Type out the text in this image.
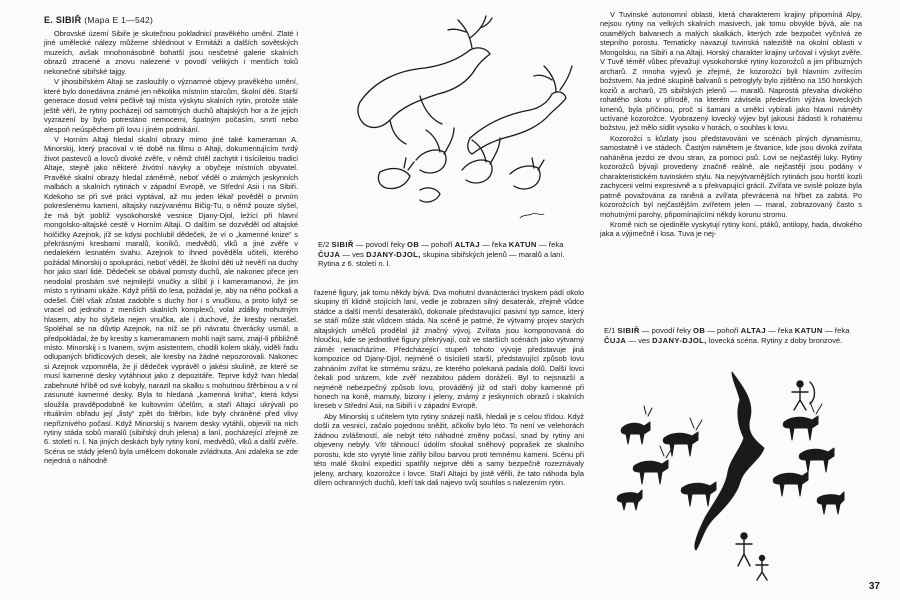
E. SIBIŘ (Mapa E 1—542)

Obrovské území Sibiře je skutečnou pokladnicí pravěkého umění. Zlaté i jiné umělecké nálezy můžeme shlédnout v Ermitáži a dalších sovětských muzeích, avšak mnohonásobně bohatší jsou nesčetné galerie skalních obrazů ztracené a znovu nalezené v povodí velikých i menších toků nekonečné sibiřské tajgy.

V jihosibiřském Altaji se zasloužily o významné objevy pravěkého umění, které bylo donedávna známé jen několika místním starcům, školní děti. Starší generace dosud velmi pečlivě taji místa výskytu skalních rytin, protože stále ještě věří, že rytiny pocházejí od samotných duchů altajských hor a že jejich vyzrazení by bylo potrestáno nemocemi, špatným počasím, smrtí nebo alespoň neúspěchem při lovu i jiném podnikání.

V Horním Altaji hledal skalní obrazy mimo jiné také kameraman A. Minorskij, který pracoval v té době na filmu o Altaji, dokumentujícím tvrdý život pastevců a lovců divoké zvěře, v němž chtěl zachytit i tisíciletou tradici Altaje, stejně jako některé živótní návyky a obyčeje místních obyvatel. Pravěké skalní obrazy hledal záměrně, neboť věděl o známých jeskynních malbách a skalních rytinách v západní Evropě, ve Střední Asii i na Sibiři. Kdekoho se při své práci vyptával, až mu jeden lékař pověděl o prvním pokreslenému kameni, altajsky nazývanému Bičig-Tu, o němž pouze slyšel, že má být poblíž vysokohorské vesnice Djany-Djol, ležící při hlavní mongolsko-altajské cestě v Horním Altaji. O dalším se dozvěděl od altajské holčičky Azejnok, jíž se kdysi pochlubil dědeček, že ví o „kamenné knize“ s překrásnými kresbami maralů, koníků, medvědů, vlků a jiné zvěře v nedalekém lesnatém svahu. Azejnok to ihned pověděla učiteli, kterého požádal Minorskij o spolupráci, neboť věděl, že školní děti už nevěří na duchy hor jako starí lidé. Dědeček se obával pomsty duchů, ale nakonec přece jen neodolal prosbám své nejmilejší vnučky a slíbil ji i kameramanovi, že jim místo s rytinami ukáže. Když přišli do lesa, požádal je, aby na něho počkali a odešel. Čtěl však zůstat zadobře s duchy hor i s vnučkou, a proto když se vracel od jednoho z menších skalních komplexů, volal zdálky mohutným hlasem, aby ho slyšela nejen vnučka, ale i duchové, že kresby nenašel. Spoléhal se na důvtip Azejnok, na níž se při návratu čtverácky usmál, a předpokládal, že by kresby s kameramanem mohli najít sami, znají-li přibližně místo. Minorskij i s Ivanem, svým asistentem, chodili kolem skály, viděli řadu odlupaných břidlicových desek, ale kresby na žádné nepozorovali. Nakonec si Azejnok vzpomněla, že jí dědeček vyprávěl o jakési skulině, ze které se musí kamenné desky vytáhnout jako z depozitáře. Teprve když Ivan hledal zabehnuté hříbě od své kobyly, narazil na skalku s mohutnou štěrbinou a v ní zasunuté kamenné desky. Byla to hledaná „kamenná kniha“, která kdysi sloužila pravděpodobně ke kultovním účelům, a staří Altajci ukrývali po rituálním obřadu její „listy“ zpět do štěrbin, kde byly chráněné před vlivy nepříznivého počasí. Když Minorskij s Ivanem desky vytáhli, objevili na nich rytiny stáda sobů maralů (sibiřský druh jelena) a laní, pocházející zřejmě ze 6. století n. l. Na jiných deskách byly rytiny koní, medvědů, vlků a další zvěře. Scéna se stády jelenů byla umělcem dokonale zvládnuta. Ani zdaleka se zde nejedná o náhodně

E/2 SIBIŘ — povodí řeky OB — pohoří ALTAJ — řeka KATUN — řeka ČUJA — ves DJANY-DJOL, skupina sibiřských jelenů — maralů a laní. Rytina z 6. století n. l.

řazené figury, jak tomu někdy bývá. Dva mohutní dvanácteráci tryskem pádí okolo skupiny tří klidně stojících laní, vedle je zobrazen silný desaterák, zřejmě vůdce stádce a další menší desateráků, dokonale představující pasivní typ samce, který se stáří může stát vůdcem stáda. Na scéně je patrné, že výtvarný projev starých altajských umělců prodělal již značný vývoj. Zvířata jsou komponovaná do hloučku, kde se jednotlivé figury překrývají, což ve starších scénách jako výtvarný záměr nenacházíme. Předcházející stupeň tohoto vývoje představuje jiná kompozice od Djany-Djol, nejméně o tisíciletí starší, představující způsob lovu zahnáním zvířat ke strmému srázu, ze kterého polekaná padala dolů. Další lovci čekali pod srázem, kde zvěř nezabitou pádem doráželi. Byl to nejsnazší a nejméně nebezpečný způsob lovu, prováděný již od staří doby kamenné při honech na koně, mamuty, bizony i jeleny, známý z jeskynních obrazů i skalních kreseb v Střední Asii, na Sibiři i v západní Evropě.

Aby Minorskij s učitelem tyto rytiny snázeji našli, hledali je s celou třídou. Když došli za vesnicí, začalo pojednou sněžit, ačkoliv bylo léto. To není ve velehorách žádnou zvláštností, ale nebýt této náhodné změny počasí, snad by rytiny ani objeveny nebyly. Vítr táhnoucí údolím sfoukal sněhový poprašek ze skalního porostu, kde sto vyryté linie zářily bílou barvou proti temnému kameni. Scénu při této malé školní expedici spatřily nejprve děti a samy bezpečně rozeznávaly jeleny, archary, kozorožce i lovce. Staří Altajci by jistě věřili, že tato náhoda byla dílem ochranných duchů, kteří tak dali najevo svůj souhlas s nalezením rytin.

V Tuvinské autonomní oblasti, která charakterem krajiny připomíná Alpy, nejsou rytiny na velkých skalních masivech, jak tomu obvykle bývá, ale na osamělých balvanech a malých skalkách, kterých zde bezpočet vyčnívá ze stepního porostu. Tematicky navazují tuvinská naleziště na okolní oblasti v Mongolsku, na Sibiři a na Altaji. Horský charakter krajiny určoval i výskyt zvěře. V Tuvě téměř vůbec převažují vysokohorské rytiny kozorožců a jim příbuzných archarů. Z mnoha vyjevů je zřejmé, že kozorožci byli hlavním zvířecím božstvem. Na jedné skupině balvanů s petroglyfy bylo zjištěno na 150 horských koziů a archarů, 25 sibiřských jelenů — maralů. Naprostá převaha divokého rohatého skotu v přírodě, na kterém závisela především výživa loveckých kmenů, byla příčinou, proč si šamani a umělci vybírali jako hlavní náměty uctívané kozorožce. Vyobrazený lovecký výjev byl jakousi žádostí k rohatému božstvu, jež mělo sídlit vysoko v horách, o souhlas k lovu.

Kozorožci s kůzlaty jsou představováni ve scénách plných dynamismu, samostatně i ve stádech. Častým námětem je štvanice, kde jsou divoká zvířata naháněna jezdci ze dvou stran, za pomoci psů. Lovi se nejčastěji luky. Rytiny kozorožců bývají provedeny značně reálně, ale nejčastěji jsou podány v charakteristickém tuvinském stylu. Na nejvýtvarnějších rytinách jsou horští kozli zachyceni velmi expresivně a s překvapující grácií. Zvířata ve svislé poloze byla patrně považována za raněná a zvířata převrácená na hřbet za zabitá. Po kozorožcích byl nejčastějším zvířetem jelen — maral, zobrazovaný často s mohutnými parohy, připomínajícími někdy korunu stromu.

Kromě nich se ojediněle vyskytují rytiny koní, ptáků, antilopy, hada, divokého jaka a výjimečně i losa. Tuva je nej-

E/1 SIBIŘ — povodí řeky OB — pohoří ALTAJ — řeka KATUN — řeka ČUJA — ves DJANY-DJOL, lovecká scéna. Rytiny z doby bronzové.
37
